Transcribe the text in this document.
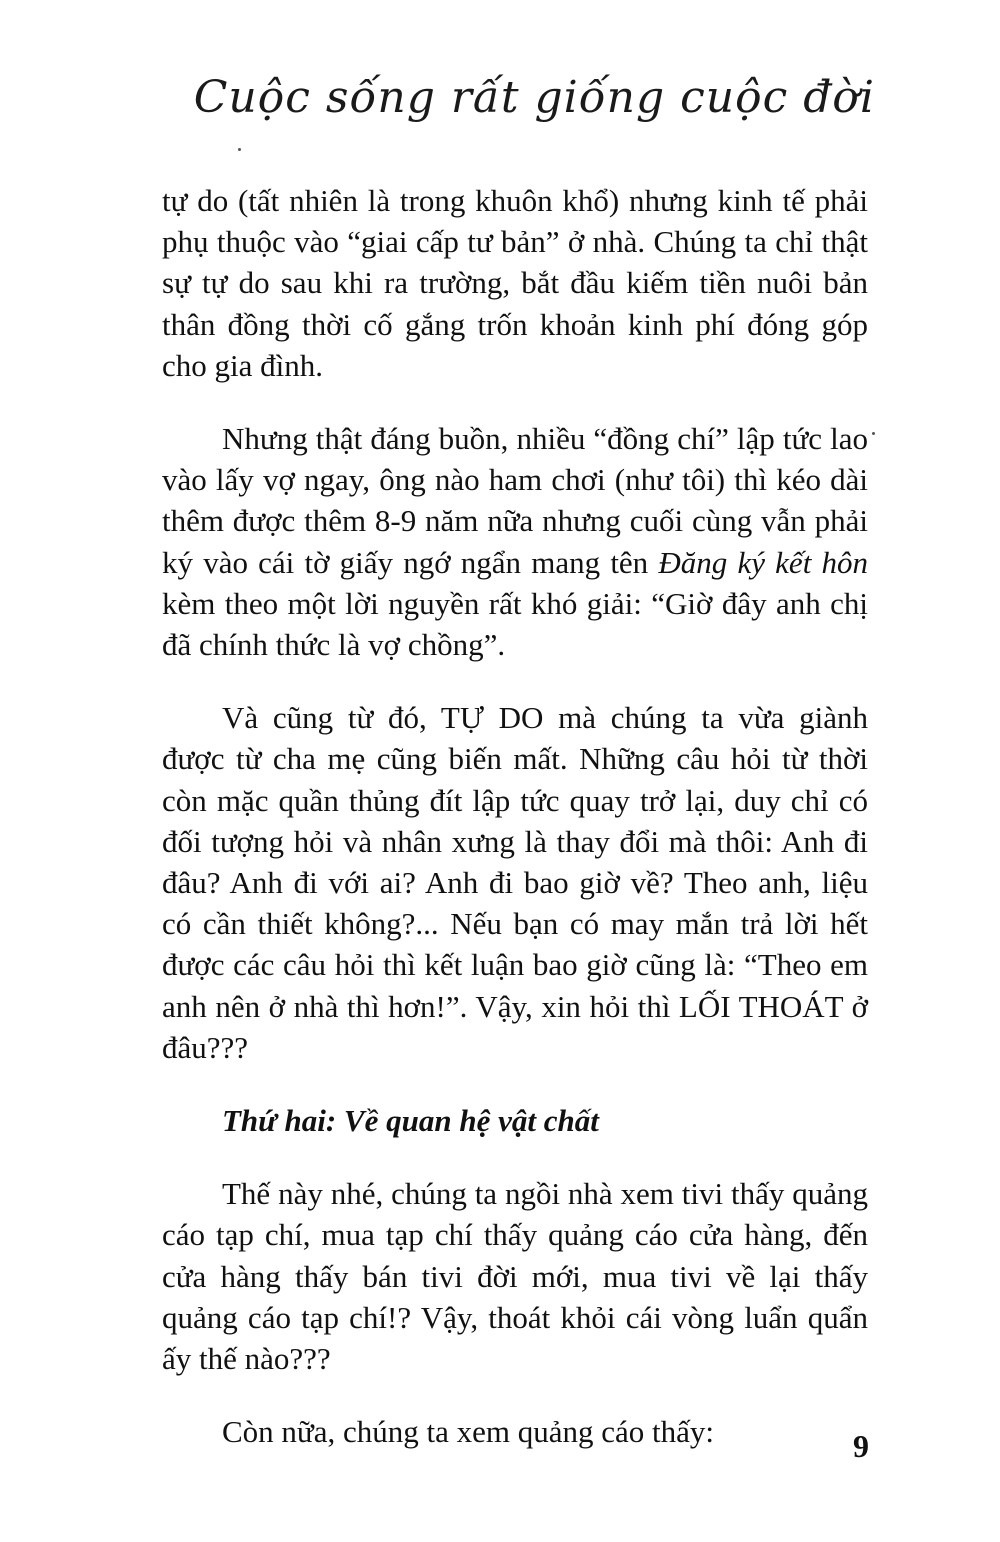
Cuộc sống rất giống cuộc đời

tự do (tất nhiên là trong khuôn khổ) nhưng kinh tế phải phụ thuộc vào “giai cấp tư bản” ở nhà. Chúng ta chỉ thật sự tự do sau khi ra trường, bắt đầu kiếm tiền nuôi bản thân đồng thời cố gắng trốn khoản kinh phí đóng góp cho gia đình.

Nhưng thật đáng buồn, nhiều “đồng chí” lập tức lao vào lấy vợ ngay, ông nào ham chơi (như tôi) thì kéo dài thêm được thêm 8-9 năm nữa nhưng cuối cùng vẫn phải ký vào cái tờ giấy ngớ ngẩn mang tên Đăng ký kết hôn kèm theo một lời nguyền rất khó giải: “Giờ đây anh chị đã chính thức là vợ chồng”.

Và cũng từ đó, TỰ DO mà chúng ta vừa giành được từ cha mẹ cũng biến mất. Những câu hỏi từ thời còn mặc quần thủng đít lập tức quay trở lại, duy chỉ có đối tượng hỏi và nhân xưng là thay đổi mà thôi: Anh đi đâu? Anh đi với ai? Anh đi bao giờ về? Theo anh, liệu có cần thiết không?... Nếu bạn có may mắn trả lời hết được các câu hỏi thì kết luận bao giờ cũng là: “Theo em anh nên ở nhà thì hơn!”. Vậy, xin hỏi thì LỐI THOÁT ở đâu???

Thứ hai: Về quan hệ vật chất

Thế này nhé, chúng ta ngồi nhà xem tivi thấy quảng cáo tạp chí, mua tạp chí thấy quảng cáo cửa hàng, đến cửa hàng thấy bán tivi đời mới, mua tivi về lại thấy quảng cáo tạp chí!? Vậy, thoát khỏi cái vòng luẩn quẩn ấy thế nào???

Còn nữa, chúng ta xem quảng cáo thấy:	9
